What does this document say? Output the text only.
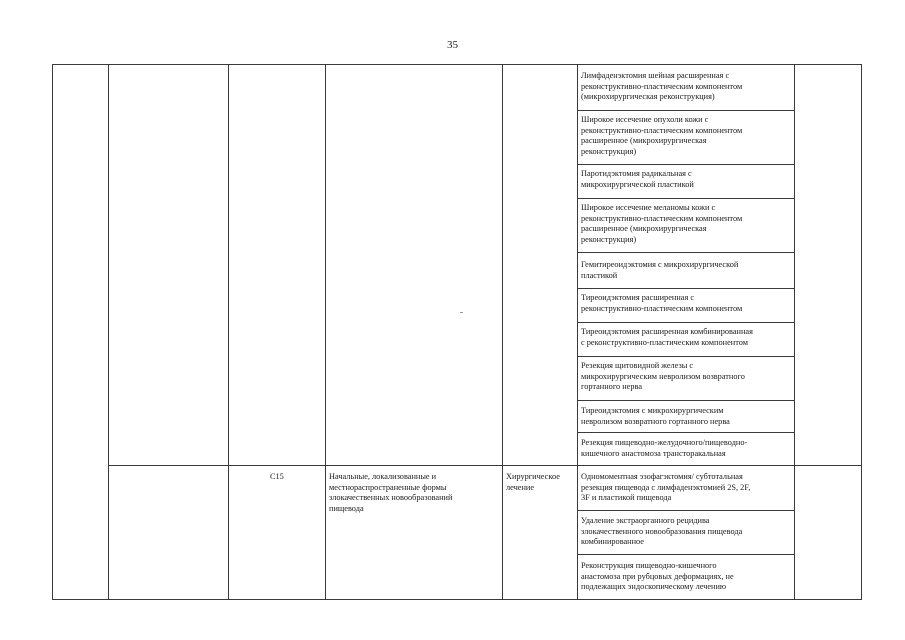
35
Лимфаденэктомия шейная расширенная с
реконструктивно-пластическим компонентом
(микрохирургическая реконструкция)
Широкое иссечение опухоли кожи с
реконструктивно-пластическим компонентом
расширенное (микрохирургическая
реконструкция)
Паротидэктомия радикальная с
микрохирургической пластикой
Широкое иссечение меланомы кожи с
реконструктивно-пластическим компонентом
расширенное (микрохирургическая
реконструкция)
Гемитиреоидэктомия с микрохирургической
пластикой
Тиреоидэктомия расширенная с
реконструктивно-пластическим компонентом
Тиреоидэктомия расширенная комбинированная
с реконструктивно-пластическим компонентом
Резекция щитовидной железы с
микрохирургическим невролизом возвратного
гортанного нерва
Тиреоидэктомия с микрохирургическим
невролизом возвратного гортанного нерва
Резекция пищеводно-желудочного/пищеводно-
кишечного анастомоза трансторакальная
C15	Начальные, локализованные и
местнораспространенные формы
злокачественных новообразований
пищевода
Хирургическое
лечение
Одномоментная эзофагэктомия/ субтотальная
резекция пищевода с лимфаденэктомией 2S, 2F,
3F и пластикой пищевода
Удаление экстраорганного рецидива
злокачественного новообразования пищевода
комбинированное
Реконструкция пищеводно-кишечного
анастомоза при рубцовых деформациях, не
подлежащих эндоскопическому лечению
